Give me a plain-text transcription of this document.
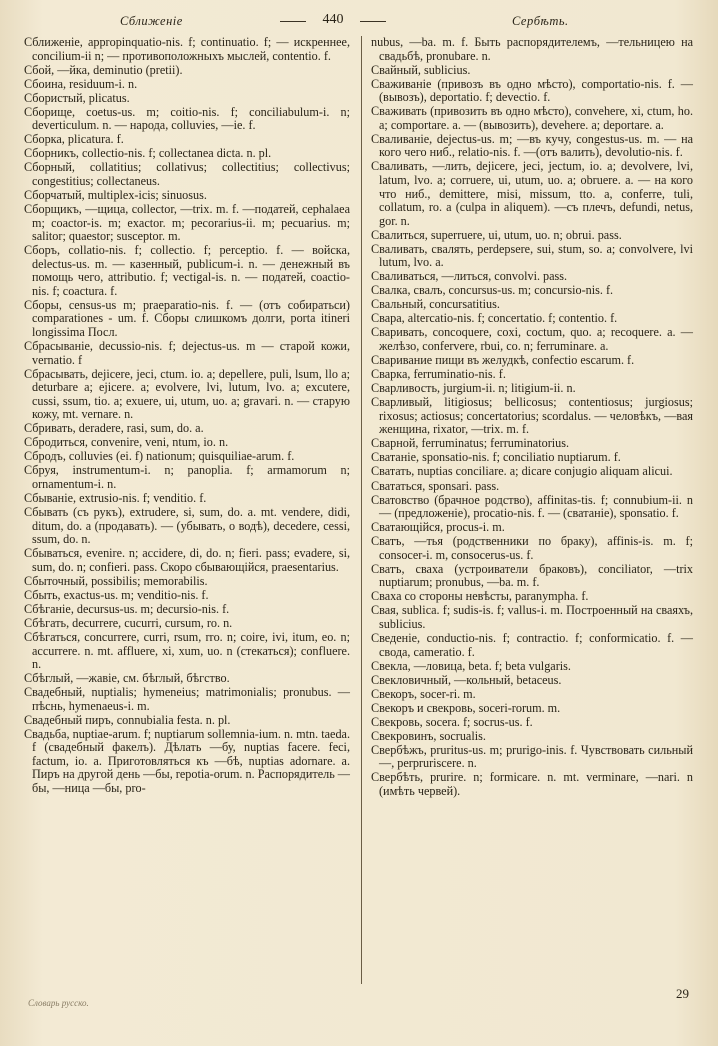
Сближеніе	440	Сербѣть.
Сближеніе, appropinquatio-nis. f; continuatio. f; — искреннее, concilium-ii n; — противоположныхъ мыслей, contentio. f.
Сбой, —йка, deminutio (pretii).
Сбоина, residuum-i. n.
Сбористый, plicatus.
Сборище, coetus-us. m; coitio-nis. f; conciliabulum-i. n; deverticulum. n. — народа, colluvies, —ie. f.
Сборка, plicatura. f.
Сборникъ, collectio-nis. f; collectanea dicta. n. pl.
Сборный, collatitius; collativus; collectitius; collectivus; congestitius; collectaneus.
Сборчатый, multiplex-icis; sinuosus.
Сборщикъ, —щица, collector, —trix. m. f. —податей, cephalaea m; coactor-is. m; exactor. m; pecorarius-ii. m; pecuarius. m; salitor; quaestor; susceptor. m.
Сборъ, collatio-nis. f; collectio. f; perceptio. f. — войска, delectus-us. m. — казенный, publicum-i. n. — денежный въ помощь чего, attributio. f; vectigal-is. n. — податей, coactio-nis. f; coactura. f.
Сборы, census-us m; praeparatio-nis. f. — (отъ собиратьси) comparationes - um. f. Сборы слишкомъ долги, porta itineri longissima Посл.
Сбрасываніе, decussio-nis. f; dejectus-us. m — старой кожи, vernatio. f
Сбрасывать, dejicere, jeci, ctum. io. a; depellere, puli, lsum, llo a; deturbare a; ejicere. a; evolvere, lvi, lutum, lvo. a; excutere, cussi, ssum, tio. a; exuere, ui, utum, uo. a; gravari. n. — старую кожу, mt. vernare. n.
Сбривать, deradere, rasi, sum, do. a.
Сбродиться, convenire, veni, ntum, io. n.
Сбродъ, colluvies (ei. f) nationum; quisquiliae-arum. f.
Сбруя, instrumentum-i. n; panoplia. f; armamorum n; ornamentum-i. n.
Сбываніе, extrusio-nis. f; venditio. f.
Сбывать (съ рукъ), extrudere, si, sum, do. a. mt. vendere, didi, ditum, do. a (продавать). — (убывать, о водѣ), decedere, cessi, ssum, do. n.
Сбываться, evenire. n; accidere, di, do. n; fieri. pass; evadere, si, sum, do. n; confieri. pass. Скоро сбывающійся, praesentarius.
Сбыточный, possibilis; memorabilis.
Сбыть, exactus-us. m; venditio-nis. f.
Сбѣганіе, decursus-us. m; decursio-nis. f.
Сбѣгать, decurrere, cucurri, cursum, ro. n.
Сбѣгаться, concurrere, curri, rsum, rro. n; coire, ivi, itum, eo. n; accurrere. n. mt. affluere, xi, xum, uo. n (стекаться); confluere. n.
Сбѣглый, —жавіе, см. бѣглый, бѣгство.
Свадебный, nuptialis; hymeneius; matrimonialis; pronubus. — пѣснь, hymenaeus-i. m.
Свадебный пиръ, connubialia festa. n. pl.
Свадьба, nuptiae-arum. f; nuptiarum sollemnia-ium. n. mtn. taeda. f (свадебный факелъ). Дѣлать —бу, nuptias facere. feci, factum, io. a. Приготовляться къ —бѣ, nuptias adornare. a. Пиръ на другой день —бы, repotia-orum. n. Распорядитель —бы, —ница —бы, pro-
nubus, —ba. m. f. Быть распорядителемъ, —тельницею на свадьбѣ, pronubare. n.
Свайный, sublicius.
Сваживаніе (привозъ въ одно мѣсто), comportatio-nis. f. — (вывозъ), deportatio. f; devectio. f.
Свaживать (привозить въ одно мѣсто), convehere, xi, ctum, ho. a; comportare. a. — (вывозить), devehere. a; deportare. a.
Сваливаніе, dejectus-us. m; —въ кучу, congestus-us. m. — на кого чего ниб., relatio-nis. f. —(отъ валить), devolutio-nis. f.
Сваливать, —лить, dejicere, jeci, jectum, io. a; devolvere, lvi, latum, lvo. a; corruere, ui, utum, uo. a; obruere. a. — на кого что ниб., demittere, misi, missum, tto. a, conferre, tuli, collatum, ro. a (culpa in aliquem). —съ плечъ, defundi, netus, gor. n.
Свалиться, superruere, ui, utum, uo. n; obrui. pass.
Сваливать, свалять, perdepsere, sui, stum, so. a; convolvere, lvi lutum, lvo. a.
Сваливаться, —литься, convolvi. pass.
Свалка, свалъ, concursus-us. m; concursio-nis. f.
Свальный, concursatitius.
Свара, altercatio-nis. f; concertatio. f; contentio. f.
Сваривать, concoquere, coxi, coctum, quo. a; recoquere. a. — желѣзо, confervere, rbui, co. n; ferruminare. a.
Сваривание пищи въ желудкѣ, confectio escarum. f.
Сварка, ferruminatio-nis. f.
Сварливость, jurgium-ii. n; litigium-ii. n.
Сварливый, litigiosus; bellicosus; contentiosus; jurgiosus; rixosus; actiosus; concertatorius; scordalus. — человѣкъ, —вая женщина, rixator, —trix. m. f.
Сварной, ferruminatus; ferruminatorius.
Сватаніе, sponsatio-nis. f; conciliatio nuptiarum. f.
Сватать, nuptias conciliare. a; dicare conjugio aliquam alicui.
Свататься, sponsari. pass.
Сватовство (брачное родство), affinitas-tis. f; connubium-ii. n — (предложеніе), procatio-nis. f. — (сватаніе), sponsatio. f.
Сватающійся, procus-i. m.
Сватъ, —тья (родственники по браку), affinis-is. m. f; consocer-i. m, consocerus-us. f.
Сватъ, сваха (устроиватели браковъ), conciliator, —trix nuptiarum; pronubus, —ba. m. f.
Сваха со стороны невѣсты, paranympha. f.
Свая, sublica. f; sudis-is. f; vallus-i. m. Построенный на сваяхъ, sublicius.
Сведеніе, conductio-nis. f; contractio. f; conformicatio. f. — свода, cameratio. f.
Свекла, —ловица, beta. f; beta vulgaris.
Свекловичный, —кольный, betaceus.
Свекоръ, socer-ri. m.
Свекоръ и свекровь, soceri-rorum. m.
Свекровь, socera. f; socrus-us. f.
Свекровинъ, socrualis.
Свербѣжъ, pruritus-us. m; prurigo-inis. f. Чувствовать сильный —, perpruriscere. n.
Свербѣть, prurire. n; formicare. n. mt. verminare, —nari. n (имѣть червей).
Словарь русско.
29
